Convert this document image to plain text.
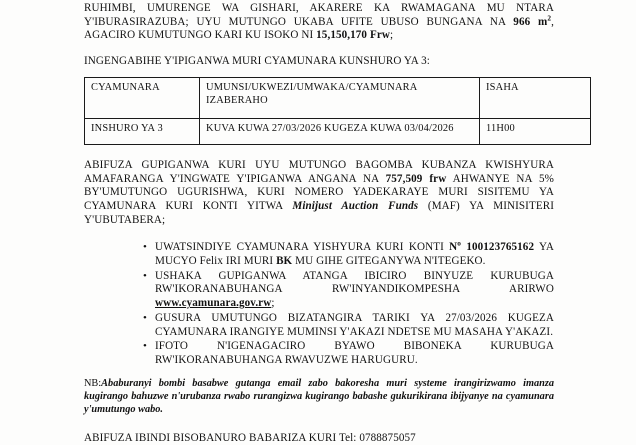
RUHIMBI, UMURENGE WA GISHARI, AKARERE KA RWAMAGANA MU NTARA Y'IBURASIRAZUBA; UYU MUTUNGO UKABA UFITE UBUSO BUNGANA NA 966 $m^2$, AGACIRO KUMUTUNGO KARI KU ISOKO NI 15,150,170 Frw;

INGENGABIHE Y'IPIGANWA MURI CYAMUNARA KUNSHURO YA 3:

CYAMUNARA	UMUNSI/UKWEZI/UMWAKA/CYAMUNARA IZABERAHO	ISAHA
INSHURO YA 3	KUVA KUWA 27/03/2026 KUGEZA KUWA 03/04/2026	11H00

ABIFUZA GUPIGANWA KURI UYU MUTUNGO BAGOMBA KUBANZA KWISHYURA AMAFARANGA Y'INGWATE Y'IPIGANWA ANGANA NA 757,509 frw AHWANYE NA 5% BY'UMUTUNGO UGURISHWA, KURI NOMERO YADEKARAYE MURI SISITEMU YA CYAMUNARA KURI KONTI YITWA Minijust Auction Funds (MAF) YA MINISITERI Y'UBUTABERA;

• UWATSINDIYE CYAMUNARA YISHYURA KURI KONTI $N^o$ 100123765162 YA MUCYO Felix IRI MURI BK MU GIHE GITEGANYWA N'ITEGEKO.
• USHAKA GUPIGANWA ATANGA IBICIRO BINYUZE KURUBUGA RW'IKORANABUHANGA RW'INYANDIKOMPESHA ARIRWO www.cyamunara.gov.rw;
• GUSURA UMUTUNGO BIZATANGIRA TARIKI YA 27/03/2026 KUGEZA CYAMUNARA IRANGIYE MUMINSI Y'AKAZI NDETSE MU MASAHA Y'AKAZI.
• IFOTO N'IGENAGACIRO BYAWO BIBONEKA KURUBUGA RW'IKORANABUHANGA RWAVUZWE HARUGURU.

NB:Ababuranyi bombi basabwe gutanga email zabo bakoresha muri systeme irangirizwamo imanza kugirango bahuzwe n'urubanza rwabo rurangizwa kugirango babashe gukurikirana ibijyanye na cyamunara y'umutungo wabo.

ABIFUZA IBINDI BISOBANURO BABARIZA KURI Tel: 0788875057
